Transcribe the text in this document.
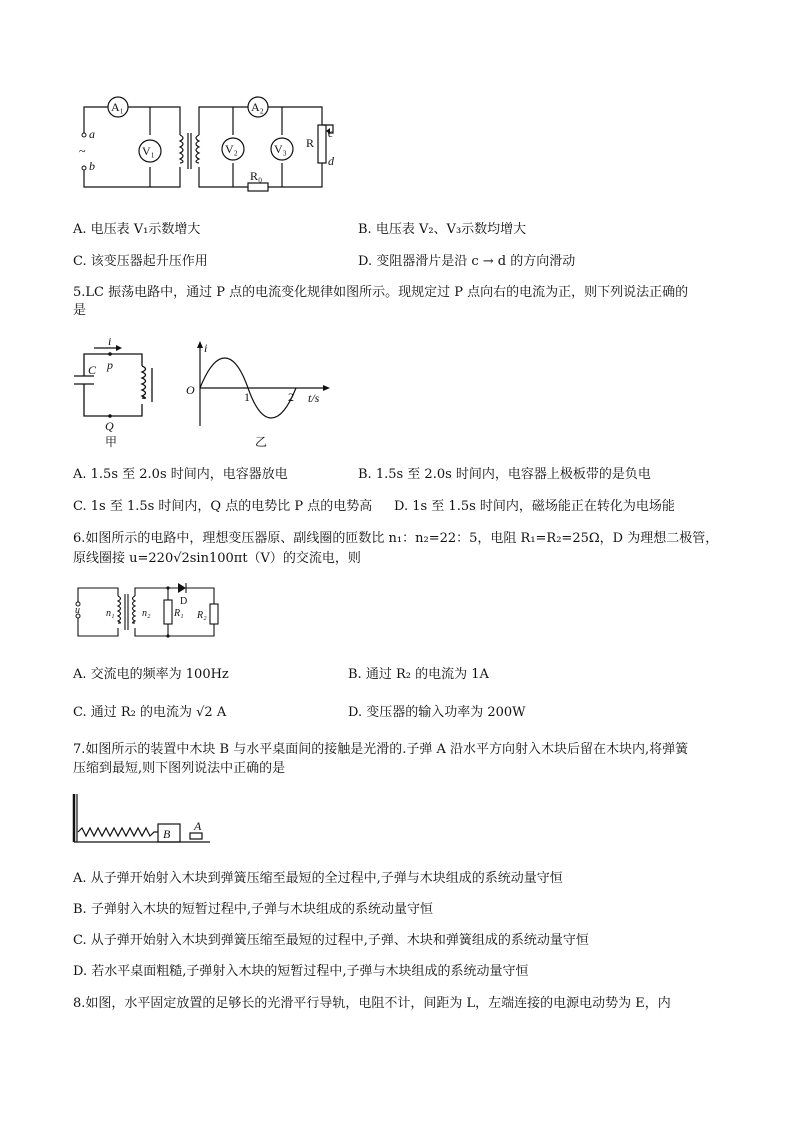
A₁
V₁
A₂
V₂	V₃
a
~
b
R
c
d
R₀
A. 电压表 V₁示数增大	B. 电压表 V₂、V₃示数均增大
C. 该变压器起升压作用	D. 变阻器滑片是沿 c → d 的方向滑动
5.LC 振荡电路中，通过 P 点的电流变化规律如图所示。现规定过 P 点向右的电流为正，则下列说法正确的
是
i
p
C
Q
甲
i
O	1	2 t/s
乙
A. 1.5s 至 2.0s 时间内，电容器放电	B. 1.5s 至 2.0s 时间内，电容器上极板带的是负电
C. 1s 至 1.5s 时间内，Q 点的电势比 P 点的电势高 D. 1s 至 1.5s 时间内，磁场能正在转化为电场能
6.如图所示的电路中，理想变压器原、副线圈的匝数比 n₁：n₂=22：5，电阻 R₁=R₂=25Ω，D 为理想二极管，
原线圈接 u=220√2sin100πt（V）的交流电，则
u	n₁	n₂
D
R₁ R₂
A. 交流电的频率为 100Hz	B. 通过 R₂ 的电流为 1A
C. 通过 R₂ 的电流为 √2 A	D. 变压器的输入功率为 200W
7.如图所示的装置中木块 B 与水平桌面间的接触是光滑的.子弹 A 沿水平方向射入木块后留在木块内,将弹簧
压缩到最短,则下图列说法中正确的是
B
A
A. 从子弹开始射入木块到弹簧压缩至最短的全过程中,子弹与木块组成的系统动量守恒
B. 子弹射入木块的短暂过程中,子弹与木块组成的系统动量守恒
C. 从子弹开始射入木块到弹簧压缩至最短的过程中,子弹、木块和弹簧组成的系统动量守恒
D. 若水平桌面粗糙,子弹射入木块的短暂过程中,子弹与木块组成的系统动量守恒
8.如图，水平固定放置的足够长的光滑平行导轨，电阻不计，间距为 L，左端连接的电源电动势为 E，内
